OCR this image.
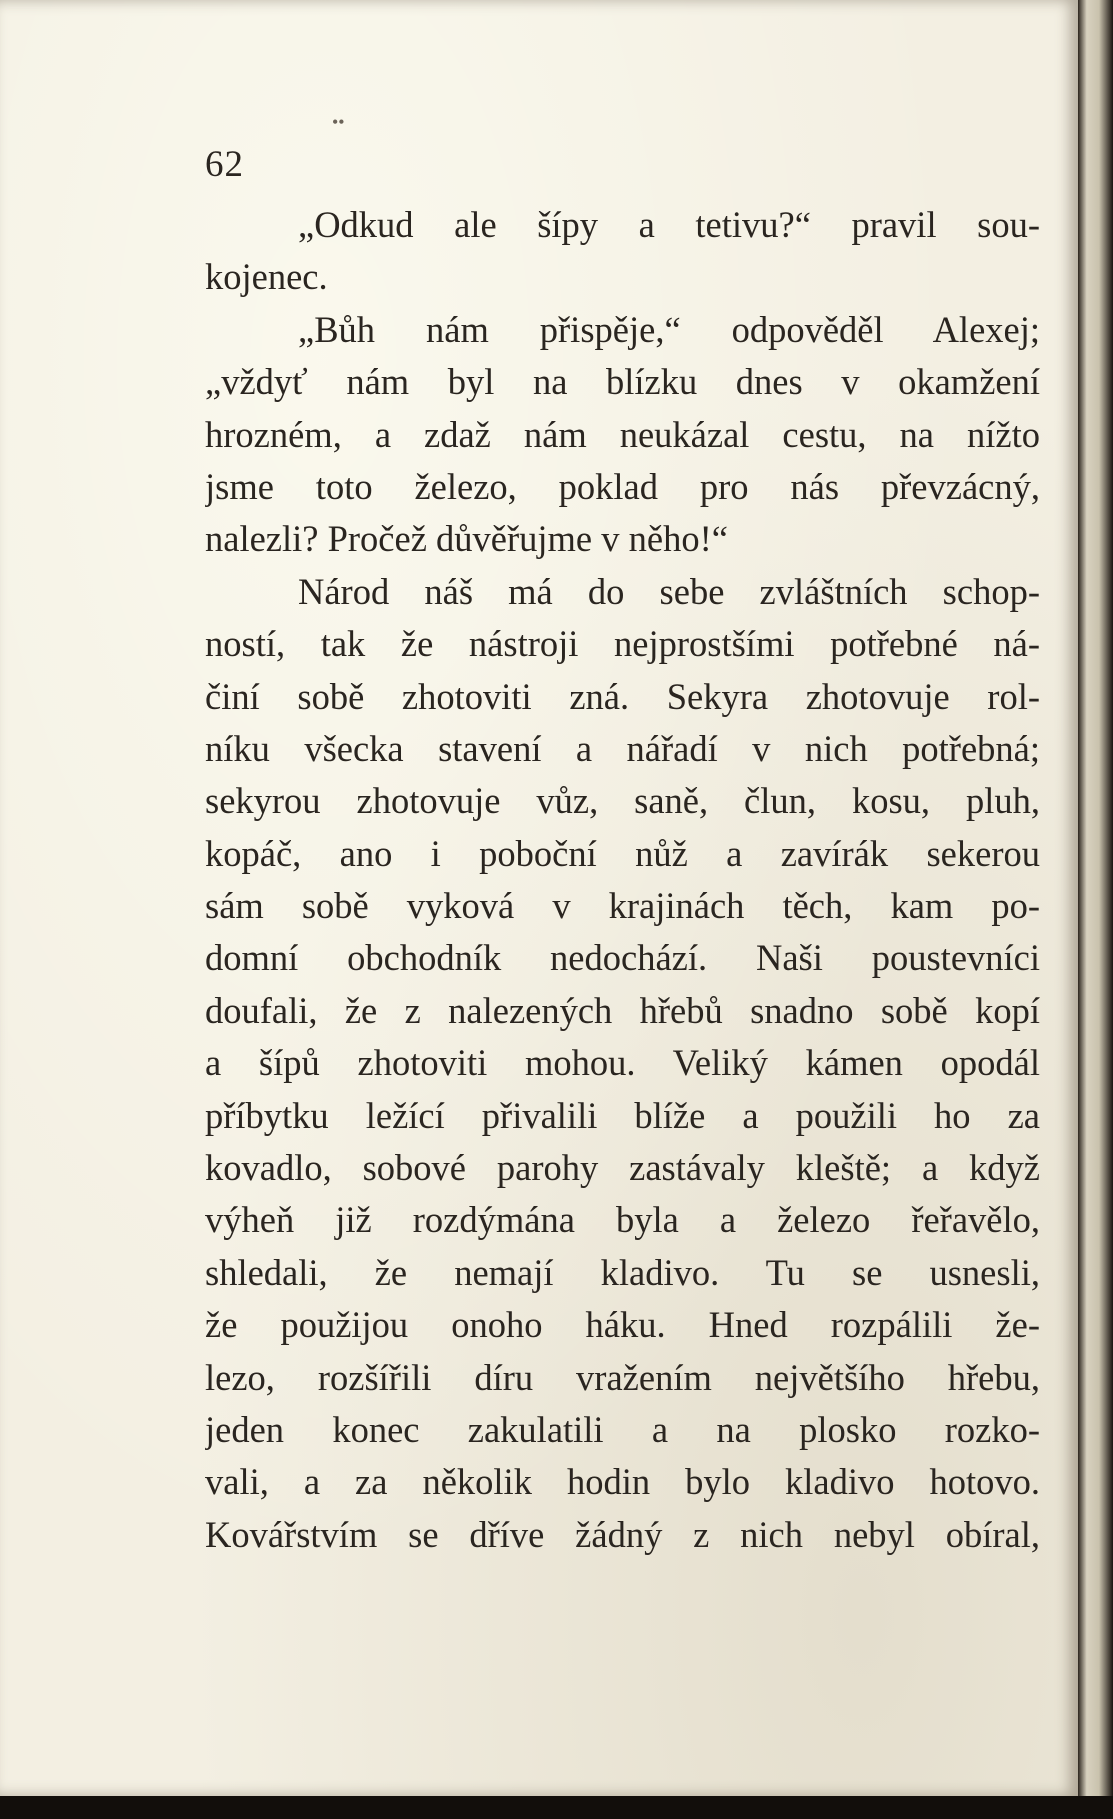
••
62
„Odkud ale šípy a tetivu?“ pravil sou-
kojenec.
„Bůh nám přispěje,“ odpověděl Alexej;
„vždyť nám byl na blízku dnes v okamžení
hrozném, a zdaž nám neukázal cestu, na nížto
jsme toto železo, poklad pro nás převzácný,
nalezli? Pročež důvěřujme v něho!“
Národ náš má do sebe zvláštních schop-
ností, tak že nástroji nejprostšími potřebné ná-
činí sobě zhotoviti zná. Sekyra zhotovuje rol-
níku všecka stavení a nářadí v nich potřebná;
sekyrou zhotovuje vůz, saně, člun, kosu, pluh,
kopáč, ano i poboční nůž a zavírák sekerou
sám sobě vyková v krajinách těch, kam po-
domní obchodník nedochází. Naši poustevníci
doufali, že z nalezených hřebů snadno sobě kopí
a šípů zhotoviti mohou. Veliký kámen opodál
příbytku ležící přivalili blíže a použili ho za
kovadlo, sobové parohy zastávaly kleště; a když
výheň již rozdýmána byla a železo řeřavělo,
shledali, že nemají kladivo. Tu se usnesli,
že použijou onoho háku. Hned rozpálili že-
lezo, rozšířili díru vražením největšího hřebu,
jeden konec zakulatili a na plosko rozko-
vali, a za několik hodin bylo kladivo hotovo.
Kovářstvím se dříve žádný z nich nebyl obíral,
